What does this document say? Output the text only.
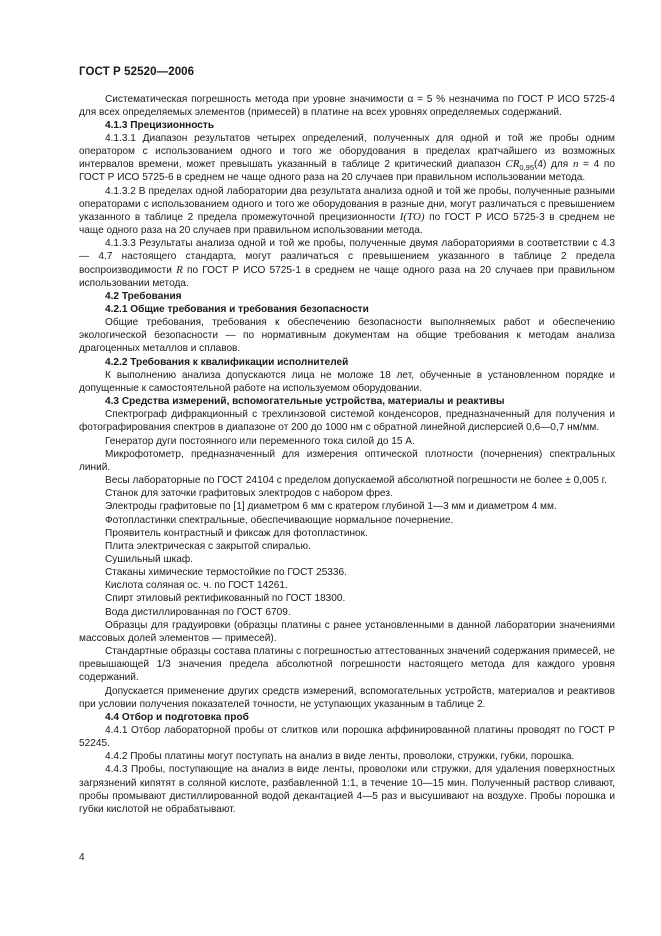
ГОСТ Р 52520—2006

Систематическая погрешность метода при уровне значимости α = 5 % незначима по ГОСТ Р ИСО 5725-4 для всех определяемых элементов (примесей) в платине на всех уровнях определяемых содержаний.

4.1.3 Прецизионность

4.1.3.1 Диапазон результатов четырех определений, полученных для одной и той же пробы одним оператором с использованием одного и того же оборудования в пределах кратчайшего из возможных интервалов времени, может превышать указанный в таблице 2 критический диапазон $CR_{0,95}(4)$ для n = 4 по ГОСТ Р ИСО 5725-6 в среднем не чаще одного раза на 20 случаев при правильном использовании метода.

4.1.3.2 В пределах одной лаборатории два результата анализа одной и той же пробы, полученные разными операторами с использованием одного и того же оборудования в разные дни, могут различаться с превышением указанного в таблице 2 предела промежуточной прецизионности I(TO) по ГОСТ Р ИСО 5725-3 в среднем не чаще одного раза на 20 случаев при правильном использовании метода.

4.1.3.3 Результаты анализа одной и той же пробы, полученные двумя лабораториями в соответствии с 4.3 — 4.7 настоящего стандарта, могут различаться с превышением указанного в таблице 2 предела воспроизводимости R по ГОСТ Р ИСО 5725-1 в среднем не чаще одного раза на 20 случаев при правильном использовании метода.

4.2 Требования

4.2.1 Общие требования и требования безопасности

Общие требования, требования к обеспечению безопасности выполняемых работ и обеспечению экологической безопасности — по нормативным документам на общие требования к методам анализа драгоценных металлов и сплавов.

4.2.2 Требования к квалификации исполнителей

К выполнению анализа допускаются лица не моложе 18 лет, обученные в установленном порядке и допущенные к самостоятельной работе на используемом оборудовании.

4.3 Средства измерений, вспомогательные устройства, материалы и реактивы

Спектрограф дифракционный с трехлинзовой системой конденсоров, предназначенный для получения и фотографирования спектров в диапазоне от 200 до 1000 нм с обратной линейной дисперсией 0,6—0,7 нм/мм.

Генератор дуги постоянного или переменного тока силой до 15 А.

Микрофотометр, предназначенный для измерения оптической плотности (почернения) спектральных линий.

Весы лабораторные по ГОСТ 24104 с пределом допускаемой абсолютной погрешности не более ± 0,005 г.

Станок для заточки графитовых электродов с набором фрез.

Электроды графитовые по [1] диаметром 6 мм с кратером глубиной 1—3 мм и диаметром 4 мм.

Фотопластинки спектральные, обеспечивающие нормальное почернение.

Проявитель контрастный и фиксаж для фотопластинок.

Плита электрическая с закрытой спиралью.

Сушильный шкаф.

Стаканы химические термостойкие по ГОСТ 25336.

Кислота соляная ос. ч. по ГОСТ 14261.

Спирт этиловый ректификованный по ГОСТ 18300.

Вода дистиллированная по ГОСТ 6709.

Образцы для градуировки (образцы платины с ранее установленными в данной лаборатории значениями массовых долей элементов — примесей).

Стандартные образцы состава платины с погрешностью аттестованных значений содержания примесей, не превышающей 1/3 значения предела абсолютной погрешности настоящего метода для каждого уровня содержаний.

Допускается применение других средств измерений, вспомогательных устройств, материалов и реактивов при условии получения показателей точности, не уступающих указанным в таблице 2.

4.4 Отбор и подготовка проб

4.4.1 Отбор лабораторной пробы от слитков или порошка аффинированной платины проводят по ГОСТ Р 52245.

4.4.2 Пробы платины могут поступать на анализ в виде ленты, проволоки, стружки, губки, порошка.

4.4.3 Пробы, поступающие на анализ в виде ленты, проволоки или стружки, для удаления поверхностных загрязнений кипятят в соляной кислоте, разбавленной 1:1, в течение 10—15 мин. Полученный раствор сливают, пробы промывают дистиллированной водой декантацией 4—5 раз и высушивают на воздухе. Пробы порошка и губки кислотой не обрабатывают.

4
